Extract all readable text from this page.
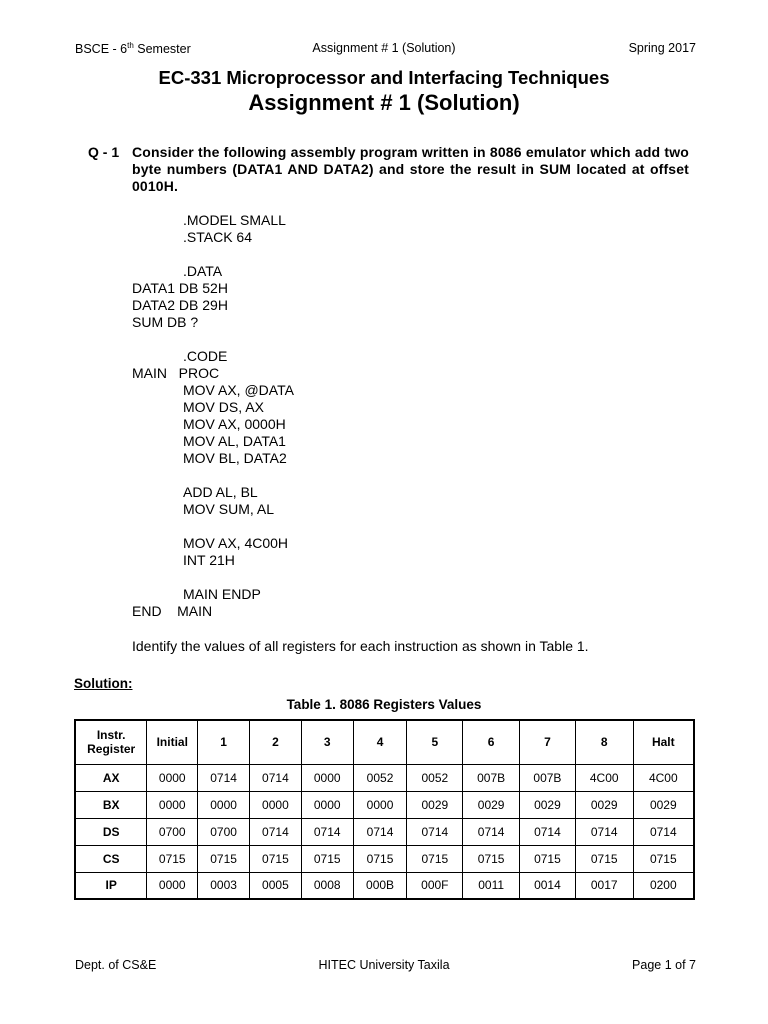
BSCE - 6th Semester	Assignment # 1 (Solution)	Spring 2017
EC-331 Microprocessor and Interfacing Techniques
Assignment # 1 (Solution)
Q - 1 Consider the following assembly program written in 8086 emulator which add two byte numbers (DATA1 AND DATA2) and store the result in SUM located at offset 0010H.
.MODEL SMALL
.STACK 64
.DATA
DATA1 DB 52H
DATA2 DB 29H
SUM DB ?
.CODE
MAIN   PROC
MOV AX, @DATA
MOV DS, AX
MOV AX, 0000H
MOV AL, DATA1
MOV BL, DATA2
ADD AL, BL
MOV SUM, AL
MOV AX, 4C00H
INT 21H
MAIN ENDP
END    MAIN
Identify the values of all registers for each instruction as shown in Table 1.
Solution:
Table 1. 8086 Registers Values
Instr.
Register	Initial	1	2	3	4	5	6	7	8	Halt
AX	0000	0714	0714	0000	0052	0052	007B	007B	4C00	4C00
BX	0000	0000	0000	0000	0000	0029	0029	0029	0029	0029
DS	0700	0700	0714	0714	0714	0714	0714	0714	0714	0714
CS	0715	0715	0715	0715	0715	0715	0715	0715	0715	0715
IP	0000	0003	0005	0008	000B	000F	0011	0014	0017	0200
Dept. of CS&E	HITEC University Taxila	Page 1 of 7
